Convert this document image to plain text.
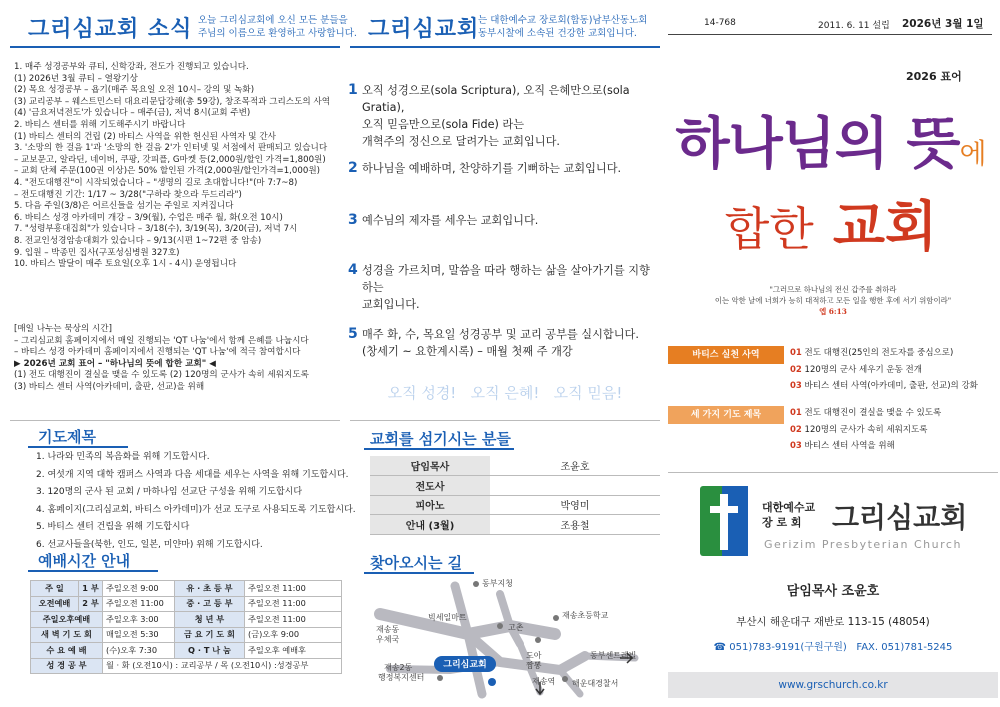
그리심교회 소식 오늘 그리심교회에 오신 모든 분들을
주님의 이름으로 환영하고 사랑합니다.
1. 매주 성경공부와 큐티, 신학강좌, 전도가 진행되고 있습니다.
(1) 2026년 3월 큐티 – 열왕기상
(2) 목요 성경공부 – 욥기(매주 목요일 오전 10시– 강의 및 녹화)
(3) 교리공부 – 웨스트민스터 대요리문답강해(총 59강), 창조목적과 그리스도의 사역
(4) '금요저녁전도'가 있습니다 – 매주(금), 저녁 8시(교회 주변)
2. 바티스 센터를 위해 기도해주시기 바랍니다
(1) 바티스 센터의 건립 (2) 바티스 사역을 위한 헌신된 사역자 및 간사
3. '소망의 한 걸음 1'과 '소망의 한 걸음 2'가 인터넷 및 서점에서 판매되고 있습니다
– 교보문고, 알라딘, 네이버, 쿠팡, 갓피플, G마켓 등(2,000원/할인 가격=1,800원)
– 교회 단체 주문(100권 이상)은 50% 할인된 가격(2,000원/할인가격=1,000원)
4. "전도대행진"이 시작되었습니다 – "생명의 길로 초대합니다!"(마 7:7~8)
– 전도대행진 기간: 1/17 ~ 3/28("구하라 찾으라 두드리라")
5. 다음 주일(3/8)은 어르신들을 섬기는 주일로 지켜집니다
6. 바티스 성경 아카데미 개강 – 3/9(월), 수업은 매주 월, 화(오전 10시)
7. "성령부흥대집회"가 있습니다 – 3/18(수), 3/19(목), 3/20(금), 저녁 7시
8. 전교인성경암송대회가 있습니다 – 9/13(시편 1~72편 중 암송)
9. 입원 – 박종민 집사(구포성심병원 327호)
10. 바티스 발달이 매주 토요일(오후 1시 - 4시) 운영됩니다
[매일 나누는 묵상의 시간]
– 그리심교회 홈페이지에서 매일 진행되는 'QT 나눔'에서 함께 은혜를 나눕시다
– 바티스 성경 아카데미 홈페이지에서 진행되는 'QT 나눔'에 적극 참여합시다
▶ 2026년 교회 표어 – "하나님의 뜻에 합한 교회" ◀
(1) 전도 대행진이 결실을 맺을 수 있도록 (2) 120명의 군사가 속히 세워지도록
(3) 바티스 센터 사역(아카데미, 출판, 선교)을 위해
그리심교회
는 대한예수교 장로회(합동)남부산동노회
동부시찰에 소속된 건강한 교회입니다.
1 오직 성경으로(sola Scriptura), 오직 은혜만으로(sola Gratia),
오직 믿음만으로(sola Fide) 라는
개혁주의 정신으로 달려가는 교회입니다.
2 하나님을 예배하며, 찬양하기를 기뻐하는 교회입니다.
3 예수님의 제자를 세우는 교회입니다.
4 성경을 가르치며, 말씀을 따라 행하는 삶을 살아가기를 지향하는
교회입니다.
5 매주 화, 수, 목요일 성경공부 및 교리 공부를 실시합니다.
(창세기 ~ 요한계시록) – 매월 첫째 주 개강
오직 성경!   오직 은혜!   오직 믿음!
기도제목
1. 나라와 민족의 복음화를 위해 기도합시다.
2. 여섯개 지역 대학 캠퍼스 사역과 다음 세대를 세우는 사역을 위해 기도합시다.
3. 120명의 군사 된 교회 / 마하나임 선교단 구성을 위해 기도합시다
4. 홈페이지(그리심교회, 바티스 아카데미)가 선교 도구로 사용되도록 기도합시다.
5. 바티스 센터 건립을 위해 기도합시다
6. 선교사들을(북한, 인도, 일본, 미얀마) 위해 기도합시다.
교회를 섬기시는 분들
담임목사	조윤호
전도사	
피아노	박영미
안내 (3월)	조용철
예배시간 안내
주 일	1 부	주일오전 9:00	유 · 초 등 부	주일오전 11:00
오전예배	2 부	주일오전 11:00	중 · 고 등 부	주일오전 11:00
주일오후예배		주일오후 3:00	청 년 부	주일오전 11:00
새 벽 기 도 회		매일오전 5:30	금 요 기 도 회	(금)오후 9:00
수 요 예 배		(수)오후 7:30	Q · T 나 눔	주일오후 예배후
성 경 공 부		월 · 화 (오전10시) : 교리공부 / 목 (오전10시) :성경공부		
찾아오시는 길
동부지청
빅세일마트	재송초등학교
재송동
우체국
고촌
도아
짬뽕
동부센트레빌
재송2동
행정복지센터	재송역 해운대경찰서
그리심교회
14-768	2011. 6. 11 설립 2026년 3월 1일
2026 표어
하나님의 뜻에
합한 교회
"그러므로 하나님의 전신 갑주를 취하라
이는 악한 날에 너희가 능히 대적하고 모든 일을 행한 후에 서기 위함이라"
엡 6:13
바티스 실천 사역	01 전도 대행진(25인의 전도자를 중심으로)
02 120명의 군사 세우기 운동 전개
03 바티스 센터 사역(아카데미, 출판, 선교)의 강화
세 가지 기도 제목	01 전도 대행진이 결실을 맺을 수 있도록
02 120명의 군사가 속히 세워지도록
03 바티스 센터 사역을 위해
대한예수교
장 로 회	그리심교회
Gerizim Presbyterian Church
담임목사 조윤호
부산시 해운대구 재반로 113-15 (48054)
☎ 051)783-9191(구원구원) FAX. 051)781-5245
www.grschurch.co.kr
